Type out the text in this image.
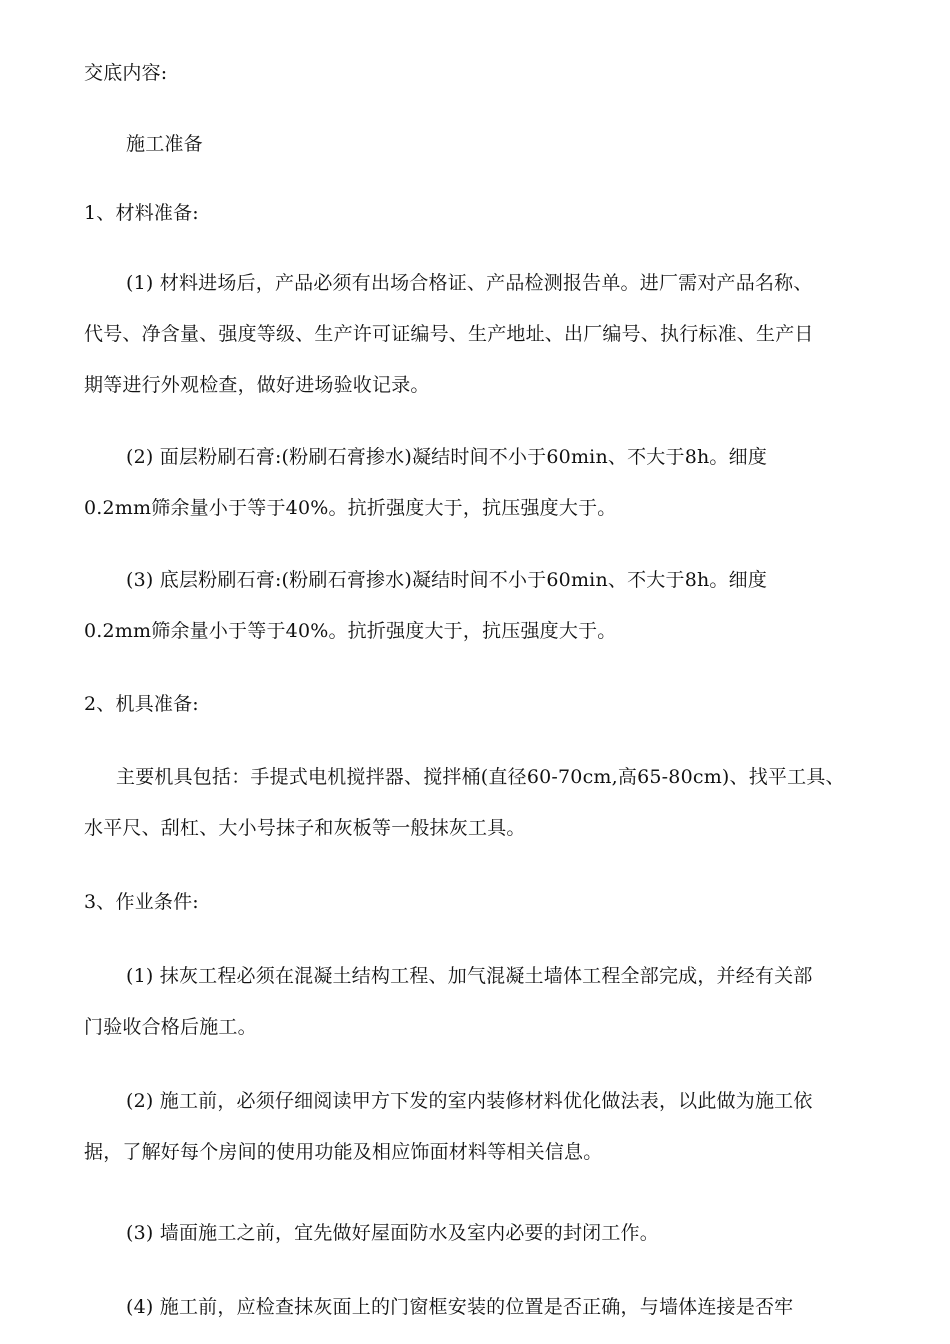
交底内容:
施工准备
1、材料准备:
(1) 材料进场后，产品必须有出场合格证、产品检测报告单。进厂需对产品名称、
代号、净含量、强度等级、生产许可证编号、生产地址、出厂编号、执行标准、生产日
期等进行外观检查，做好进场验收记录。
(2) 面层粉刷石膏:(粉刷石膏掺水)凝结时间不小于60min、不大于8h。细度
0.2mm筛余量小于等于40%。抗折强度大于，抗压强度大于。
(3) 底层粉刷石膏:(粉刷石膏掺水)凝结时间不小于60min、不大于8h。细度
0.2mm筛余量小于等于40%。抗折强度大于，抗压强度大于。
2、机具准备:
主要机具包括：手提式电机搅拌器、搅拌桶(直径60-70cm,高65-80cm)、找平工具、
水平尺、刮杠、大小号抹子和灰板等一般抹灰工具。
3、作业条件:
(1) 抹灰工程必须在混凝土结构工程、加气混凝土墙体工程全部完成，并经有关部
门验收合格后施工。
(2) 施工前，必须仔细阅读甲方下发的室内装修材料优化做法表，以此做为施工依
据，了解好每个房间的使用功能及相应饰面材料等相关信息。
(3) 墙面施工之前，宜先做好屋面防水及室内必要的封闭工作。
(4) 施工前，应检查抹灰面上的门窗框安装的位置是否正确，与墙体连接是否牢
